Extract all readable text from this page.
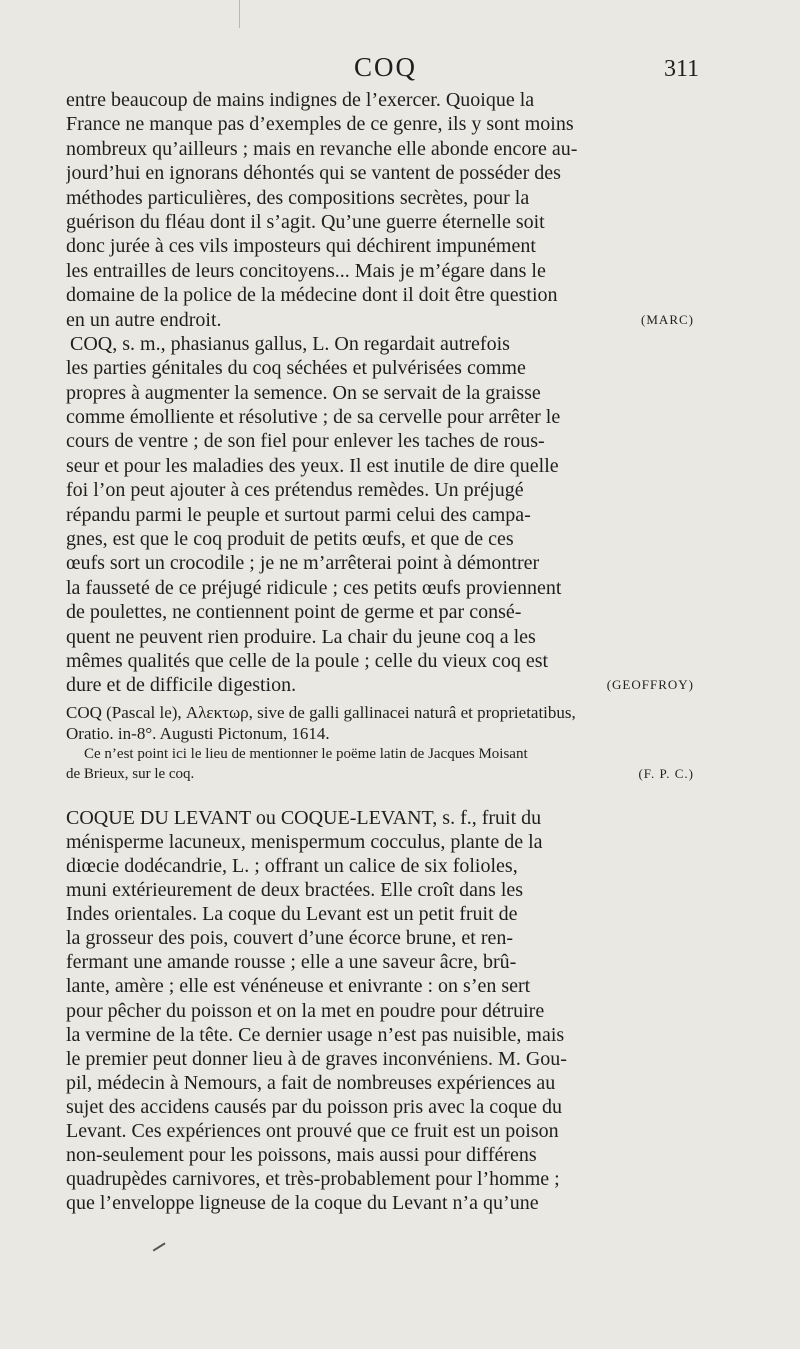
COQ	311
entre beaucoup de mains indignes de l’exercer. Quoique la
France ne manque pas d’exemples de ce genre, ils y sont moins
nombreux qu’ailleurs ; mais en revanche elle abonde encore au-
jourd’hui en ignorans déhontés qui se vantent de posséder des
méthodes particulières, des compositions secrètes, pour la
guérison du fléau dont il s’agit. Qu’une guerre éternelle soit
donc jurée à ces vils imposteurs qui déchirent impunément
les entrailles de leurs concitoyens... Mais je m’égare dans le
domaine de la police de la médecine dont il doit être question
en un autre endroit.	(MARC)
COQ, s. m., phasianus gallus, L. On regardait autrefois
les parties génitales du coq séchées et pulvérisées comme
propres à augmenter la semence. On se servait de la graisse
comme émolliente et résolutive ; de sa cervelle pour arrêter le
cours de ventre ; de son fiel pour enlever les taches de rous-
seur et pour les maladies des yeux. Il est inutile de dire quelle
foi l’on peut ajouter à ces prétendus remèdes. Un préjugé
répandu parmi le peuple et surtout parmi celui des campa-
gnes, est que le coq produit de petits œufs, et que de ces
œufs sort un crocodile ; je ne m’arrêterai point à démontrer
la fausseté de ce préjugé ridicule ; ces petits œufs proviennent
de poulettes, ne contiennent point de germe et par consé-
quent ne peuvent rien produire. La chair du jeune coq a les
mêmes qualités que celle de la poule ; celle du vieux coq est
dure et de difficile digestion.	(GEOFFROY)
COQ (Pascal le), Αλεκτωρ, sive de galli gallinacei naturâ et proprietatibus,
Oratio. in-8°. Augusti Pictonum, 1614.
Ce n’est point ici le lieu de mentionner le poëme latin de Jacques Moisant
de Brieux, sur le coq.	(F. P. C.)
COQUE DU LEVANT ou COQUE-LEVANT, s. f., fruit du
ménisperme lacuneux, menispermum cocculus, plante de la
diœcie dodécandrie, L. ; offrant un calice de six folioles,
muni extérieurement de deux bractées. Elle croît dans les
Indes orientales. La coque du Levant est un petit fruit de
la grosseur des pois, couvert d’une écorce brune, et ren-
fermant une amande rousse ; elle a une saveur âcre, brû-
lante, amère ; elle est vénéneuse et enivrante : on s’en sert
pour pêcher du poisson et on la met en poudre pour détruire
la vermine de la tête. Ce dernier usage n’est pas nuisible, mais
le premier peut donner lieu à de graves inconvéniens. M. Gou-
pil, médecin à Nemours, a fait de nombreuses expériences au
sujet des accidens causés par du poisson pris avec la coque du
Levant. Ces expériences ont prouvé que ce fruit est un poison
non-seulement pour les poissons, mais aussi pour différens
quadrupèdes carnivores, et très-probablement pour l’homme ;
que l’enveloppe ligneuse de la coque du Levant n’a qu’une
